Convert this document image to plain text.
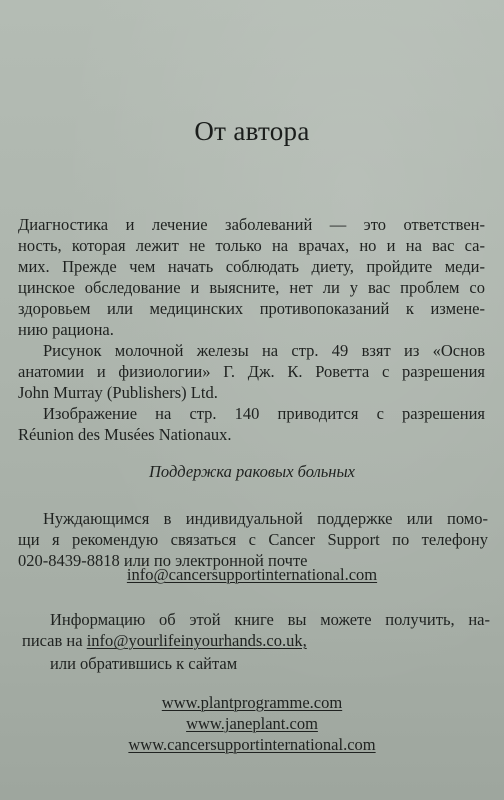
От автора
Диагностика и лечение заболеваний — это ответствен-
ность, которая лежит не только на врачах, но и на вас са-
мих. Прежде чем начать соблюдать диету, пройдите меди-
цинское обследование и выясните, нет ли у вас проблем со
здоровьем или медицинских противопоказаний к измене-
нию рациона.
Рисунок молочной железы на стр. 49 взят из «Основ
анатомии и физиологии» Г. Дж. К. Роветта с разрешения
John Murray (Publishers) Ltd.
Изображение на стр. 140 приводится с разрешения
Réunion des Musées Nationaux.
Поддержка раковых больных
Нуждающимся в индивидуальной поддержке или помо-
щи я рекомендую связаться с Cancer Support по телефону
020-8439-8818 или по электронной почте
info@cancersupportinternational.com
Информацию об этой книге вы можете получить, на-
писав на info@yourlifeinyourhands.co.uk,
или обратившись к сайтам
www.plantprogramme.com
www.janeplant.com
www.cancersupportinternational.com
